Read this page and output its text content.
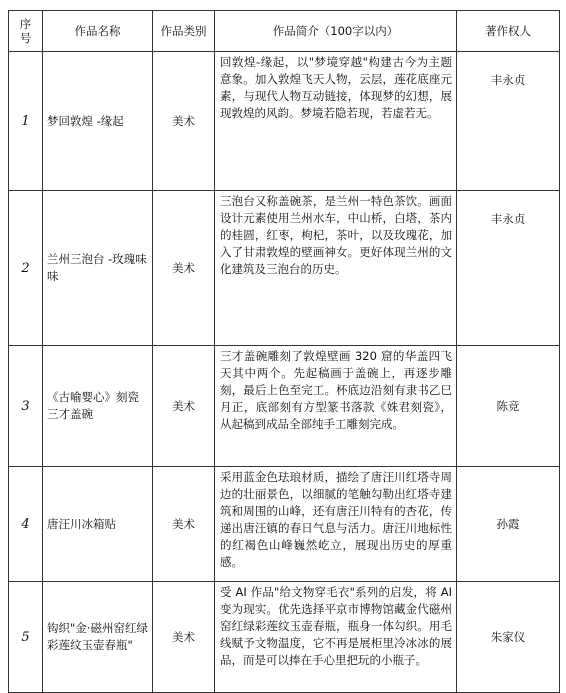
序
号	作品名称	作品类别	作品简介（100字以内）	著作权人
1	梦回敦煌 -缘起	美术	回敦煌-缘起，以"梦境穿越"构建古今为主题意象。加入敦煌飞天人物，云层，莲花底座元素，与现代人物互动链接，体现梦的幻想，展现敦煌的风韵。梦境若隐若现，若虚若无。	丰永贞
2	兰州三泡台 -玫瑰味味	美术	三泡台又称盖碗茶，是兰州一特色茶饮。画面设计元素使用兰州水车，中山桥，白塔，茶内的桂圆，红枣，枸杞，茶叶，以及玫瑰花，加入了甘肃敦煌的壁画神女。更好体现兰州的文化建筑及三泡台的历史。	丰永贞
3	《古喻婴心》刻瓷三才盖碗	美术	三才盖碗雕刻了敦煌壁画 320 窟的华盖四飞天其中两个。先起稿画于盖碗上，再逐步雕刻，最后上色至完工。杯底边沿刻有隶书乙巳月正，底部刻有方型篆书落款《姝君刻瓷》，从起稿到成品全部纯手工雕刻完成。	陈竞
4	唐汪川冰箱贴	美术	采用蓝金色珐琅材质，描绘了唐汪川红塔寺周边的壮丽景色，以细腻的笔触勾勒出红塔寺建筑和周围的山峰，还有唐汪川特有的杏花，传递出唐汪镇的春日气息与活力。唐汪川地标性的红褐色山峰巍然屹立，展现出历史的厚重感。	孙霞
5	钩织"金·磁州窑红绿彩莲纹玉壶春瓶"	美术	受 AI 作品"给文物穿毛衣"系列的启发，将 AI 变为现实。优先选择平京市博物馆藏金代磁州窑红绿彩莲纹玉壶春瓶，瓶身一体勾织。用毛线赋予文物温度，它不再是展柜里冷冰冰的展品，而是可以捧在手心里把玩的小瓶子。	朱家仪
